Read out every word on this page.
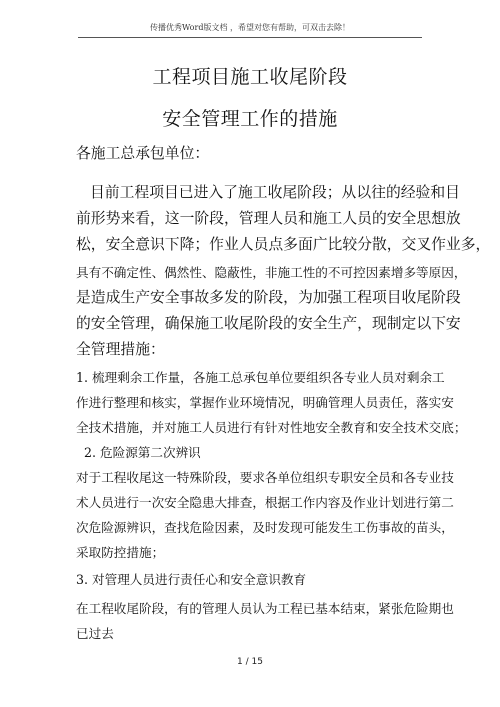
传播优秀Word版文档 ，希望对您有帮助，可双击去除！
工程项目施工收尾阶段
安全管理工作的措施
各施工总承包单位：
目前工程项目已进入了施工收尾阶段；从以往的经验和目
前形势来看，这一阶段，管理人员和施工人员的安全思想放
松，安全意识下降；作业人员点多面广比较分散，交叉作业多，
具有不确定性、偶然性、隐蔽性，非施工性的不可控因素增多等原因，
是造成生产安全事故多发的阶段，为加强工程项目收尾阶段
的安全管理，确保施工收尾阶段的安全生产，现制定以下安
全管理措施：
1. 梳理剩余工作量，各施工总承包单位要组织各专业人员对剩余工
作进行整理和核实，掌握作业环境情况，明确管理人员责任，落实安
全技术措施，并对施工人员进行有针对性地安全教育和安全技术交底；
2. 危险源第二次辨识
对于工程收尾这一特殊阶段，要求各单位组织专职安全员和各专业技
术人员进行一次安全隐患大排查，根据工作内容及作业计划进行第二
次危险源辨识，查找危险因素，及时发现可能发生工伤事故的苗头，
采取防控措施；
3. 对管理人员进行责任心和安全意识教育
在工程收尾阶段，有的管理人员认为工程已基本结束，紧张危险期也
已过去
1 / 15
